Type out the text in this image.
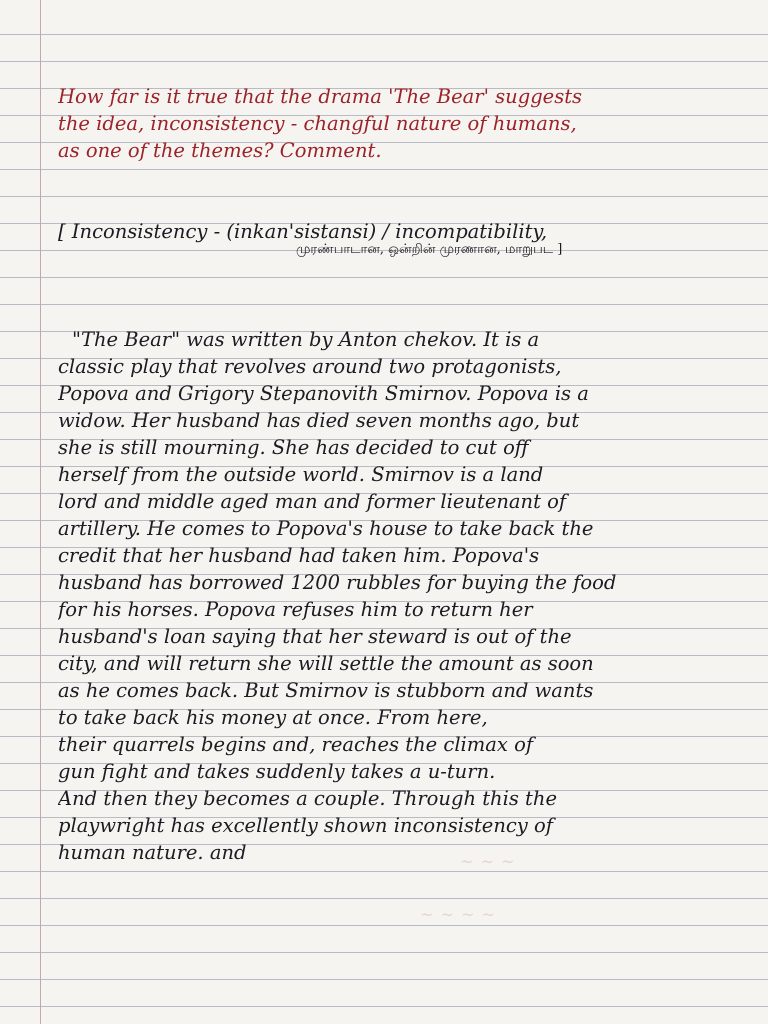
~ ~ ~
~ ~ ~ ~
How far is it true that the drama 'The Bear' suggests
the idea, inconsistency - changful nature of humans,
as one of the themes? Comment.
[ Inconsistency - (inkan'sistansi) / incompatibility,
முரண்பாடான, ஒன்றின் முரணான, மாறுபட ]
"The Bear" was written by Anton chekov. It is a
classic play that revolves around two protagonists,
Popova and Grigory Stepanovith Smirnov. Popova is a
widow. Her husband has died seven months ago, but
she is still mourning. She has decided to cut off
herself from the outside world. Smirnov is a land
lord and middle aged man and former lieutenant of
artillery. He comes to Popova's house to take back the
credit that her husband had taken him. Popova's
husband has borrowed 1200 rubbles for buying the food
for his horses. Popova refuses him to return her
husband's loan saying that her steward is out of the
city, and will return she will settle the amount as soon
as he comes back. But Smirnov is stubborn and wants
to take back his money at once. From here,
their quarrels begins and, reaches the climax of
gun fight and takes suddenly takes a u-turn.
And then they becomes a couple. Through this the
playwright has excellently shown inconsistency of
human nature. and
